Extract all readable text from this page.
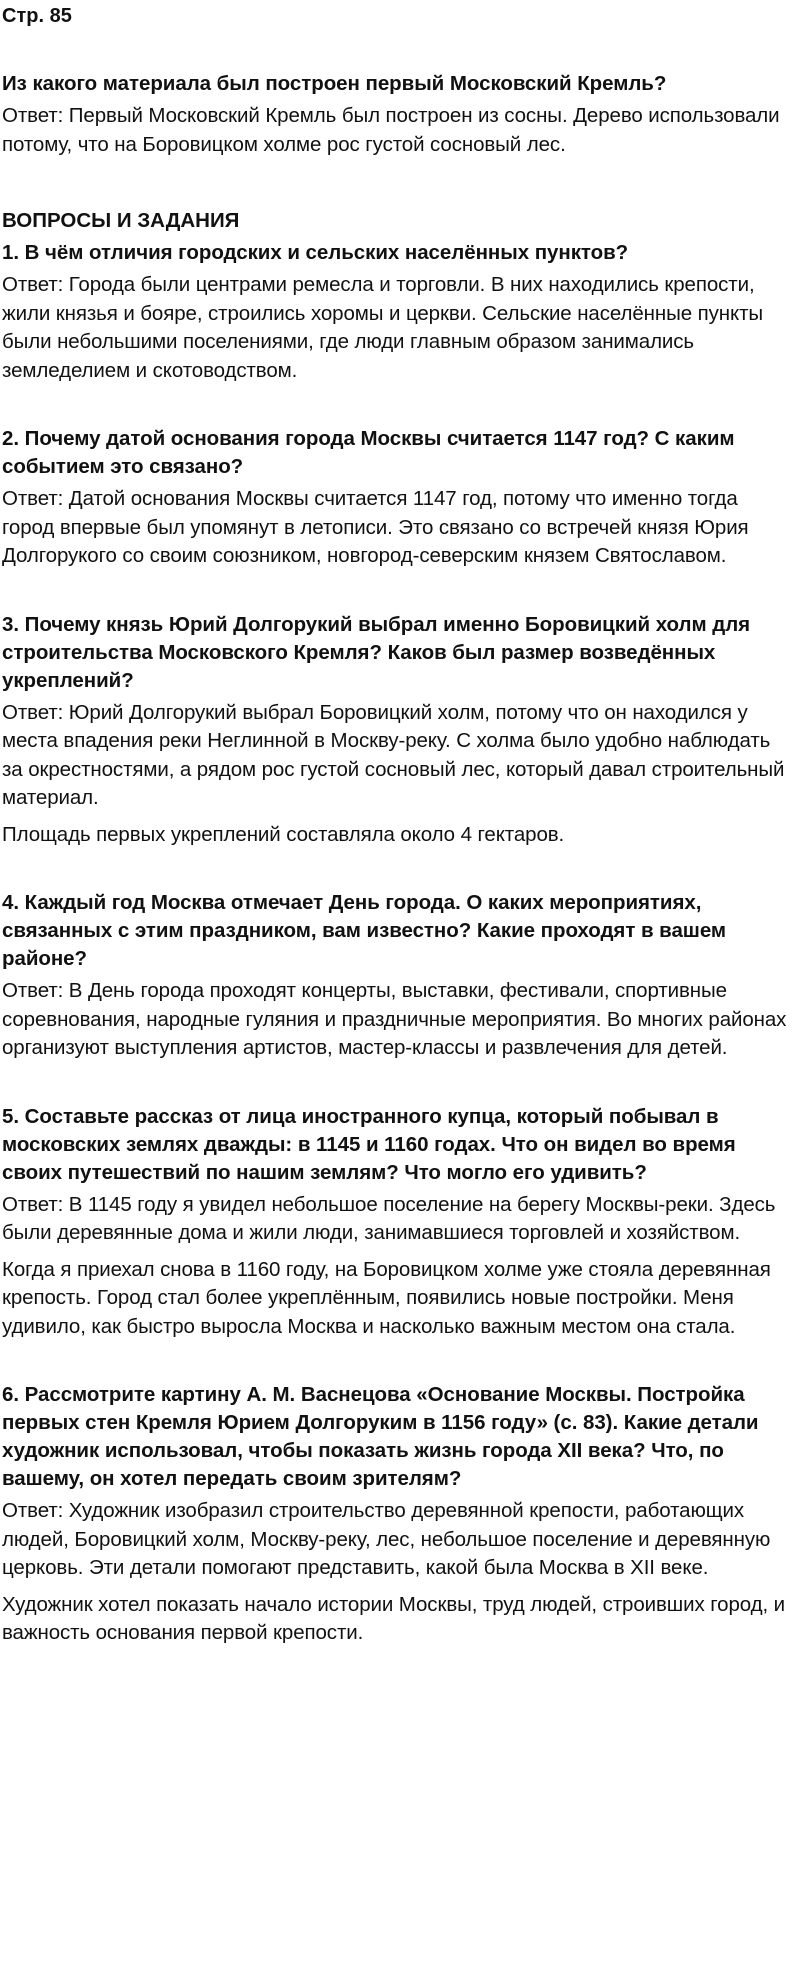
Стр. 85

Из какого материала был построен первый Московский Кремль?

Ответ: Первый Московский Кремль был построен из сосны. Дерево использовали потому, что на Боровицком холме рос густой сосновый лес.

ВОПРОСЫ И ЗАДАНИЯ

1. В чём отличия городских и сельских населённых пунктов?

Ответ: Города были центрами ремесла и торговли. В них находились крепости, жили князья и бояре, строились хоромы и церкви. Сельские населённые пункты были небольшими поселениями, где люди главным образом занимались земледелием и скотоводством.

2. Почему датой основания города Москвы считается 1147 год? С каким событием это связано?

Ответ: Датой основания Москвы считается 1147 год, потому что именно тогда город впервые был упомянут в летописи. Это связано со встречей князя Юрия Долгорукого со своим союзником, новгород-северским князем Святославом.

3. Почему князь Юрий Долгорукий выбрал именно Боровицкий холм для строительства Московского Кремля? Каков был размер возведённых укреплений?

Ответ: Юрий Долгорукий выбрал Боровицкий холм, потому что он находился у места впадения реки Неглинной в Москву-реку. С холма было удобно наблюдать за окрестностями, а рядом рос густой сосновый лес, который давал строительный материал.

Площадь первых укреплений составляла около 4 гектаров.

4. Каждый год Москва отмечает День города. О каких мероприятиях, связанных с этим праздником, вам известно? Какие проходят в вашем районе?

Ответ: В День города проходят концерты, выставки, фестивали, спортивные соревнования, народные гуляния и праздничные мероприятия. Во многих районах организуют выступления артистов, мастер-классы и развлечения для детей.

5. Составьте рассказ от лица иностранного купца, который побывал в московских землях дважды: в 1145 и 1160 годах. Что он видел во время своих путешествий по нашим землям? Что могло его удивить?

Ответ: В 1145 году я увидел небольшое поселение на берегу Москвы-реки. Здесь были деревянные дома и жили люди, занимавшиеся торговлей и хозяйством.

Когда я приехал снова в 1160 году, на Боровицком холме уже стояла деревянная крепость. Город стал более укреплённым, появились новые постройки. Меня удивило, как быстро выросла Москва и насколько важным местом она стала.

6. Рассмотрите картину А. М. Васнецова «Основание Москвы. Постройка первых стен Кремля Юрием Долгоруким в 1156 году» (с. 83). Какие детали художник использовал, чтобы показать жизнь города XII века? Что, по вашему, он хотел передать своим зрителям?

Ответ: Художник изобразил строительство деревянной крепости, работающих людей, Боровицкий холм, Москву-реку, лес, небольшое поселение и деревянную церковь. Эти детали помогают представить, какой была Москва в XII веке.

Художник хотел показать начало истории Москвы, труд людей, строивших город, и важность основания первой крепости.
